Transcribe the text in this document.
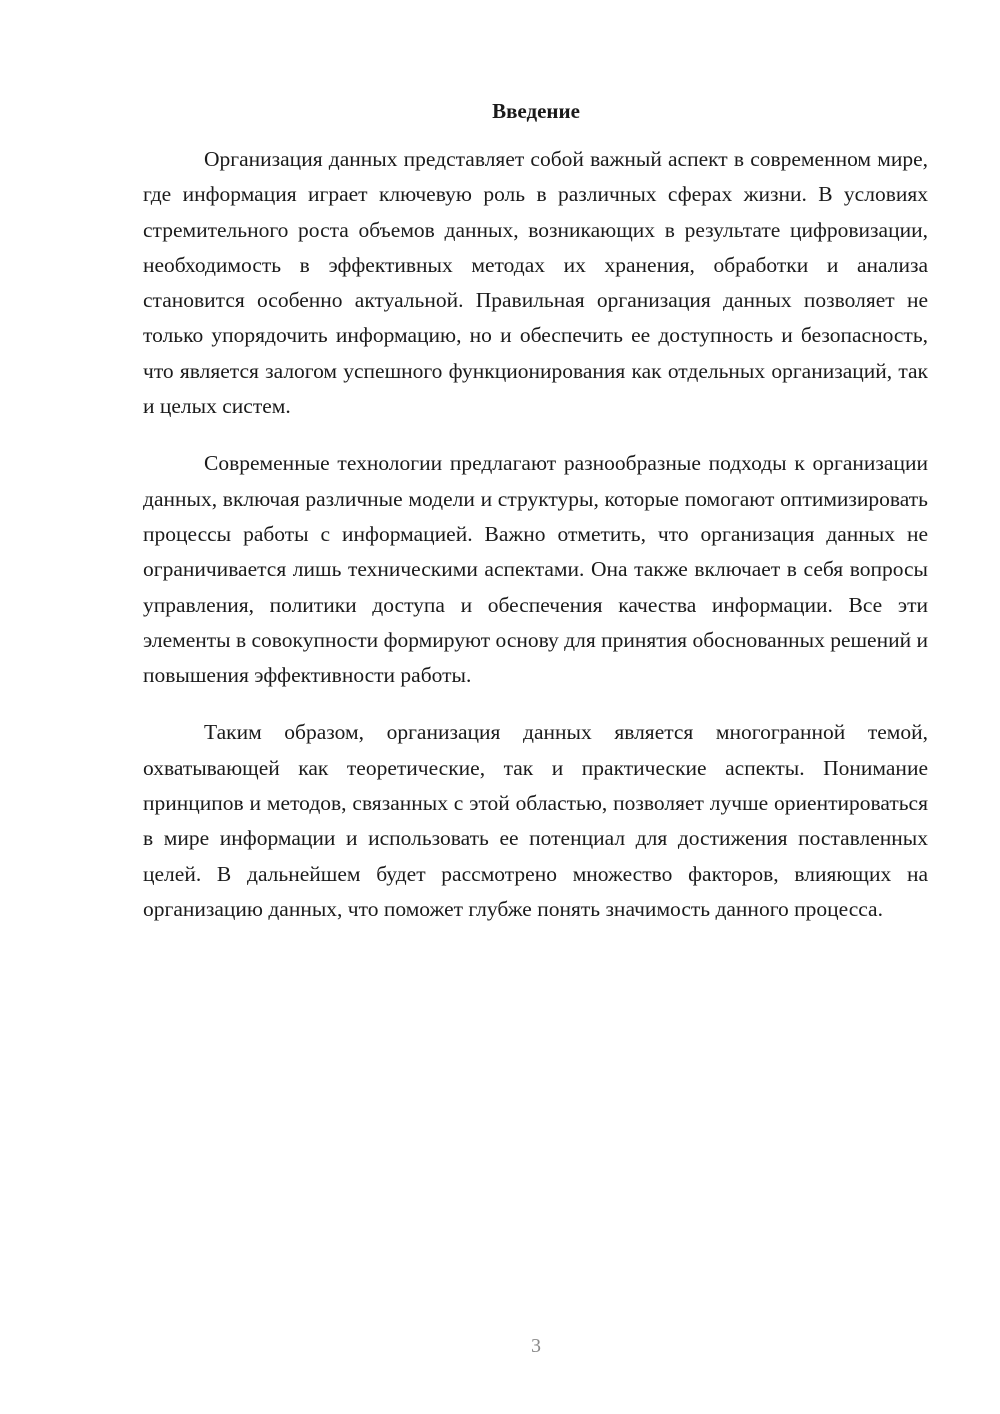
Введение

Организация данных представляет собой важный аспект в современном мире, где информация играет ключевую роль в различных сферах жизни. В условиях стремительного роста объемов данных, возникающих в результате цифровизации, необходимость в эффективных методах их хранения, обработки и анализа становится особенно актуальной. Правильная организация данных позволяет не только упорядочить информацию, но и обеспечить ее доступность и безопасность, что является залогом успешного функционирования как отдельных организаций, так и целых систем.

Современные технологии предлагают разнообразные подходы к организации данных, включая различные модели и структуры, которые помогают оптимизировать процессы работы с информацией. Важно отметить, что организация данных не ограничивается лишь техническими аспектами. Она также включает в себя вопросы управления, политики доступа и обеспечения качества информации. Все эти элементы в совокупности формируют основу для принятия обоснованных решений и повышения эффективности работы.

Таким образом, организация данных является многогранной темой, охватывающей как теоретические, так и практические аспекты. Понимание принципов и методов, связанных с этой областью, позволяет лучше ориентироваться в мире информации и использовать ее потенциал для достижения поставленных целей. В дальнейшем будет рассмотрено множество факторов, влияющих на организацию данных, что поможет глубже понять значимость данного процесса.

3
